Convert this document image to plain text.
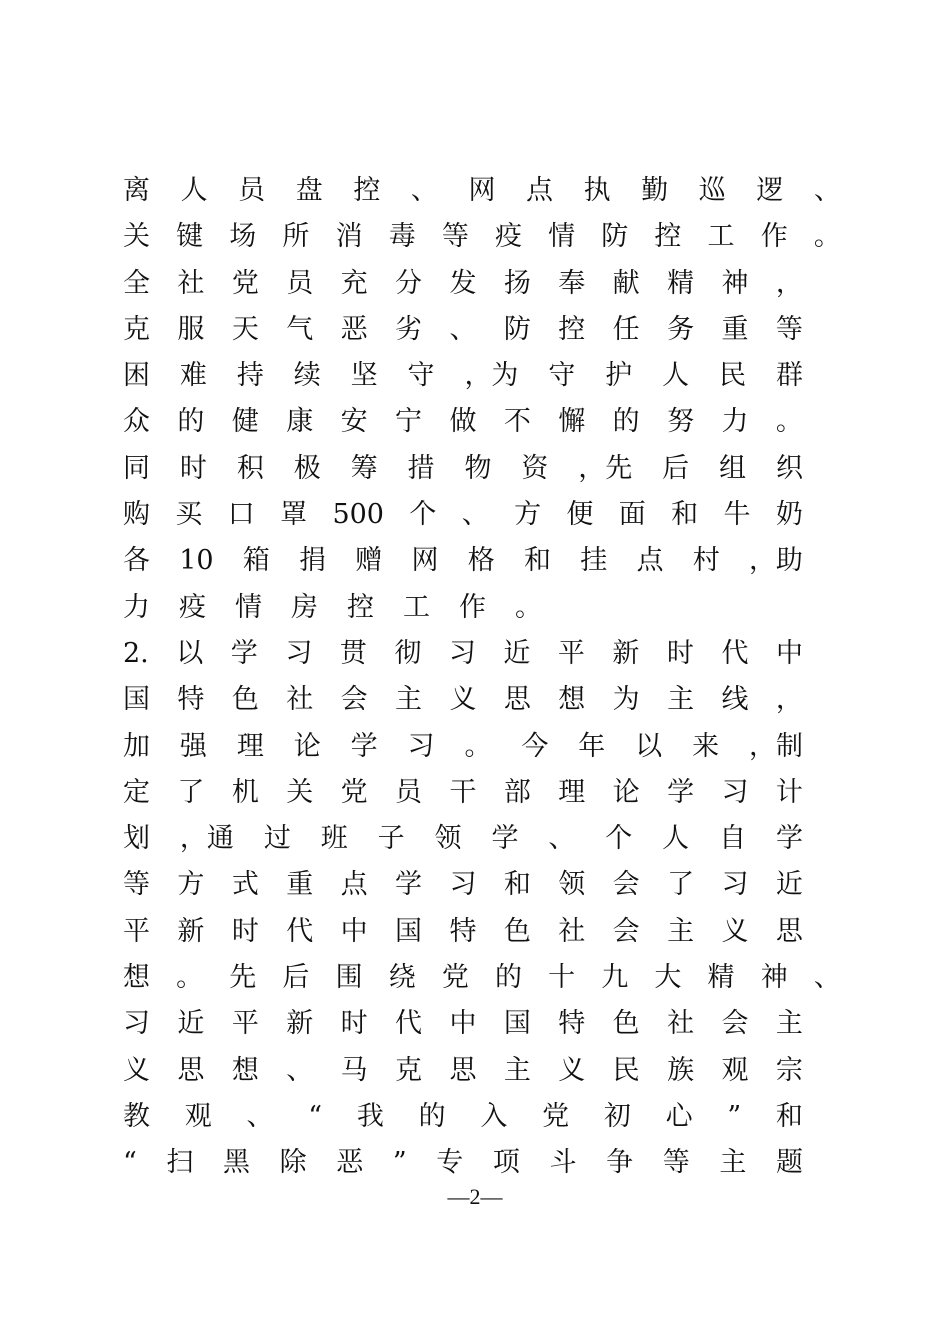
离 人 员 盘 控 、 网 点 执 勤 巡 逻 、
关 键 场 所 消 毒 等 疫 情 防 控 工 作 。
全 社 党 员 充 分 发 扬 奉 献 精 神 ，
克 服 天 气 恶 劣 、 防 控 任 务 重 等
困 难 持 续 坚 守 ，为 守 护 人 民 群
众 的 健 康 安 宁 做 不 懈 的 努 力 。
同 时 积 极 筹 措 物 资 ，先 后 组 织
购 买 口 罩 500 个 、 方 便 面 和 牛 奶
各 10 箱 捐 赠 网 格 和 挂 点 村 ，助
力 疫 情 房 控 工 作 。
2. 以 学 习 贯 彻 习 近 平 新 时 代 中
国 特 色 社 会 主 义 思 想 为 主 线 ，
加 强 理 论 学 习 。 今 年 以 来 ，制
定 了 机 关 党 员 干 部 理 论 学 习 计
划 ，通 过 班 子 领 学 、 个 人 自 学
等 方 式 重 点 学 习 和 领 会 了 习 近
平 新 时 代 中 国 特 色 社 会 主 义 思
想 。 先 后 围 绕 党 的 十 九 大 精 神 、
习 近 平 新 时 代 中 国 特 色 社 会 主
义 思 想 、 马 克 思 主 义 民 族 观 宗
教 观 、 “ 我 的 入 党 初 心 ” 和
“ 扫 黑 除 恶 ” 专 项 斗 争 等 主 题
—2—
